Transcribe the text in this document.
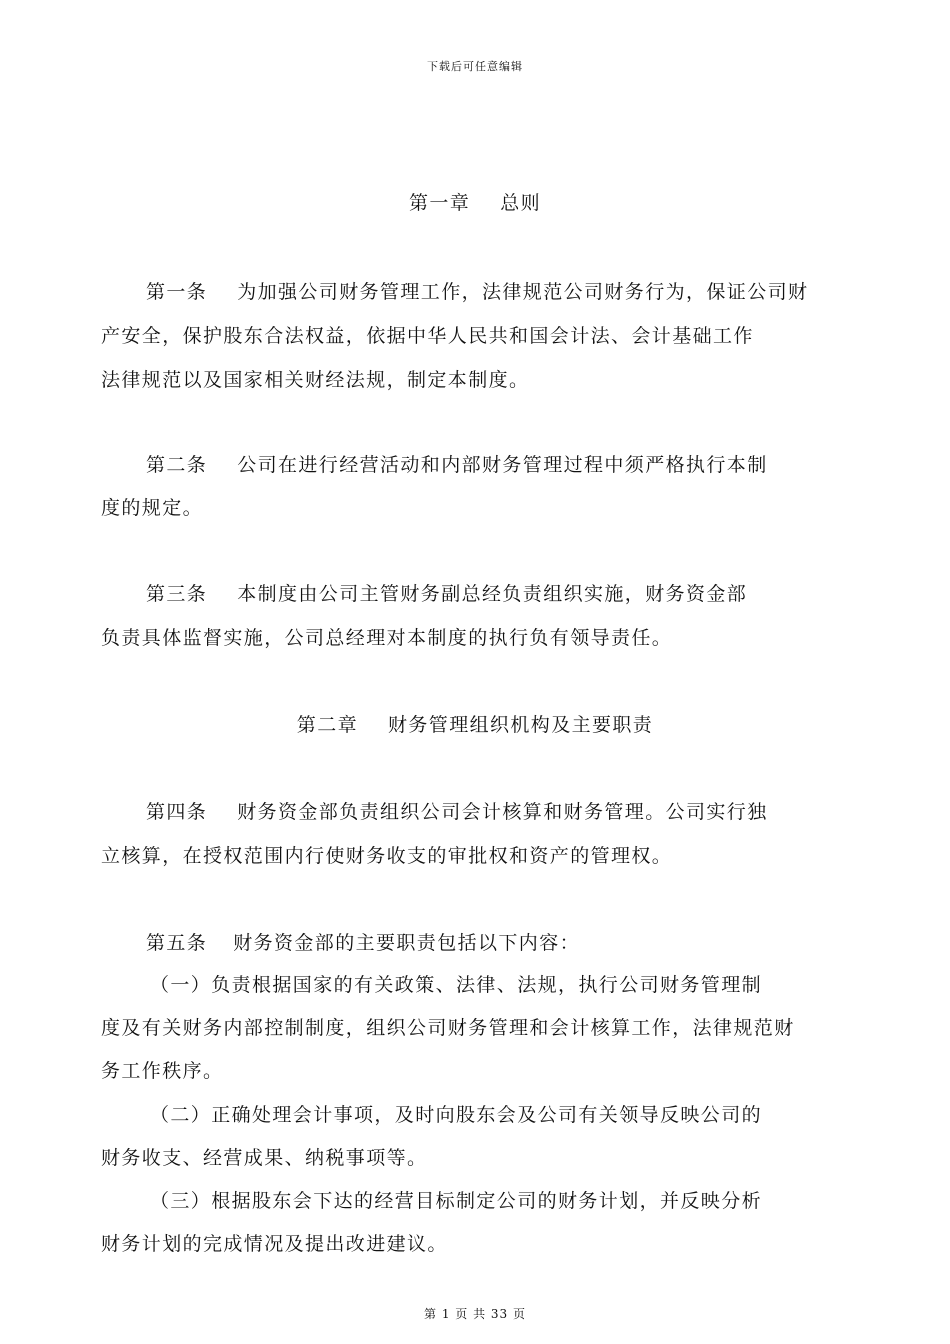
下载后可任意编辑
第一章 总则
第一条 为加强公司财务管理工作，法律规范公司财务行为，保证公司财
产安全，保护股东合法权益，依据中华人民共和国会计法、会计基础工作
法律规范以及国家相关财经法规，制定本制度。
第二条 公司在进行经营活动和内部财务管理过程中须严格执行本制
度的规定。
第三条 本制度由公司主管财务副总经负责组织实施，财务资金部
负责具体监督实施，公司总经理对本制度的执行负有领导责任。
第二章 财务管理组织机构及主要职责
第四条 财务资金部负责组织公司会计核算和财务管理。公司实行独
立核算，在授权范围内行使财务收支的审批权和资产的管理权。
第五条 财务资金部的主要职责包括以下内容：
（一）负责根据国家的有关政策、法律、法规，执行公司财务管理制
度及有关财务内部控制制度，组织公司财务管理和会计核算工作，法律规范财
务工作秩序。
（二）正确处理会计事项，及时向股东会及公司有关领导反映公司的
财务收支、经营成果、纳税事项等。
（三）根据股东会下达的经营目标制定公司的财务计划，并反映分析
财务计划的完成情况及提出改进建议。
第 1 页 共 33 页
